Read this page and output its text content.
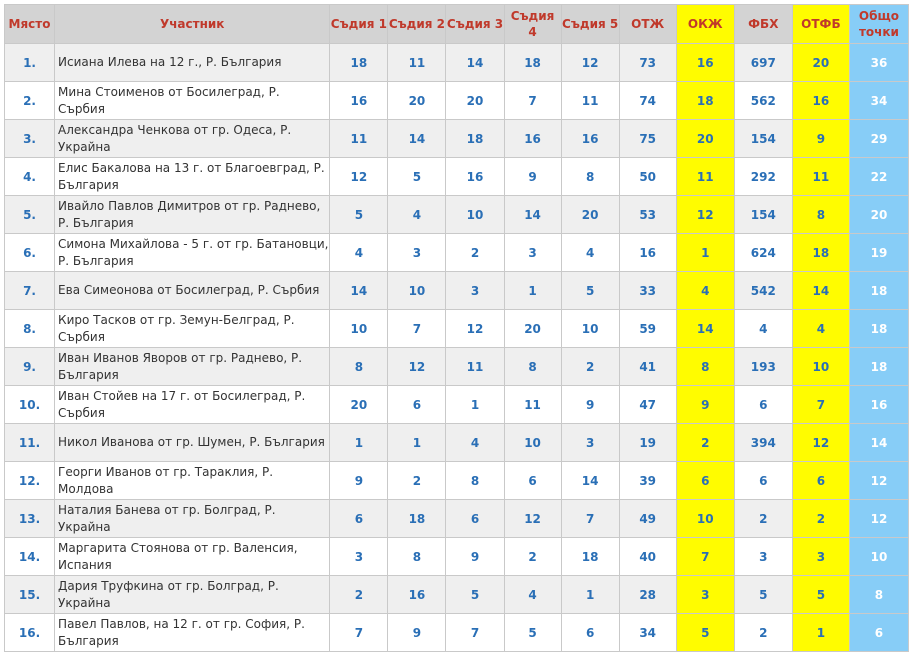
Място	Участник	Съдия 1	Съдия 2	Съдия 3	Съдия 4	Съдия 5	ОТЖ	ОКЖ	ФБХ	ОТФБ	Общо точки
1.	Исиана Илева на 12 г., Р. България	18	11	14	18	12	73	16	697	20	36
2.	Мина Стоименов от Босилеград, Р. Сърбия	16	20	20	7	11	74	18	562	16	34
3.	Александра Ченкова от гр. Одеса, Р. Украйна	11	14	18	16	16	75	20	154	9	29
4.	Елис Бакалова на 13 г. от Благоевград, Р. България	12	5	16	9	8	50	11	292	11	22
5.	Ивайло Павлов Димитров от гр. Раднево, Р. България	5	4	10	14	20	53	12	154	8	20
6.	Симона Михайлова - 5 г. от гр. Батановци, Р. България	4	3	2	3	4	16	1	624	18	19
7.	Ева Симеонова от Босилеград, Р. Сърбия	14	10	3	1	5	33	4	542	14	18
8.	Киро Тасков от гр. Земун-Белград, Р. Сърбия	10	7	12	20	10	59	14	4	4	18
9.	Иван Иванов Яворов от гр. Раднево, Р. България	8	12	11	8	2	41	8	193	10	18
10.	Иван Стойев на 17 г. от Босилеград, Р. Сърбия	20	6	1	11	9	47	9	6	7	16
11.	Никол Иванова от гр. Шумен, Р. България	1	1	4	10	3	19	2	394	12	14
12.	Георги Иванов от гр. Тараклия, Р. Молдова	9	2	8	6	14	39	6	6	6	12
13.	Наталия Банева от гр. Болград, Р. Украйна	6	18	6	12	7	49	10	2	2	12
14.	Маргарита Стоянова от гр. Валенсия, Испания	3	8	9	2	18	40	7	3	3	10
15.	Дария Труфкина от гр. Болград, Р. Украйна	2	16	5	4	1	28	3	5	5	8
16.	Павел Павлов, на 12 г. от гр. София, Р. България	7	9	7	5	6	34	5	2	1	6
